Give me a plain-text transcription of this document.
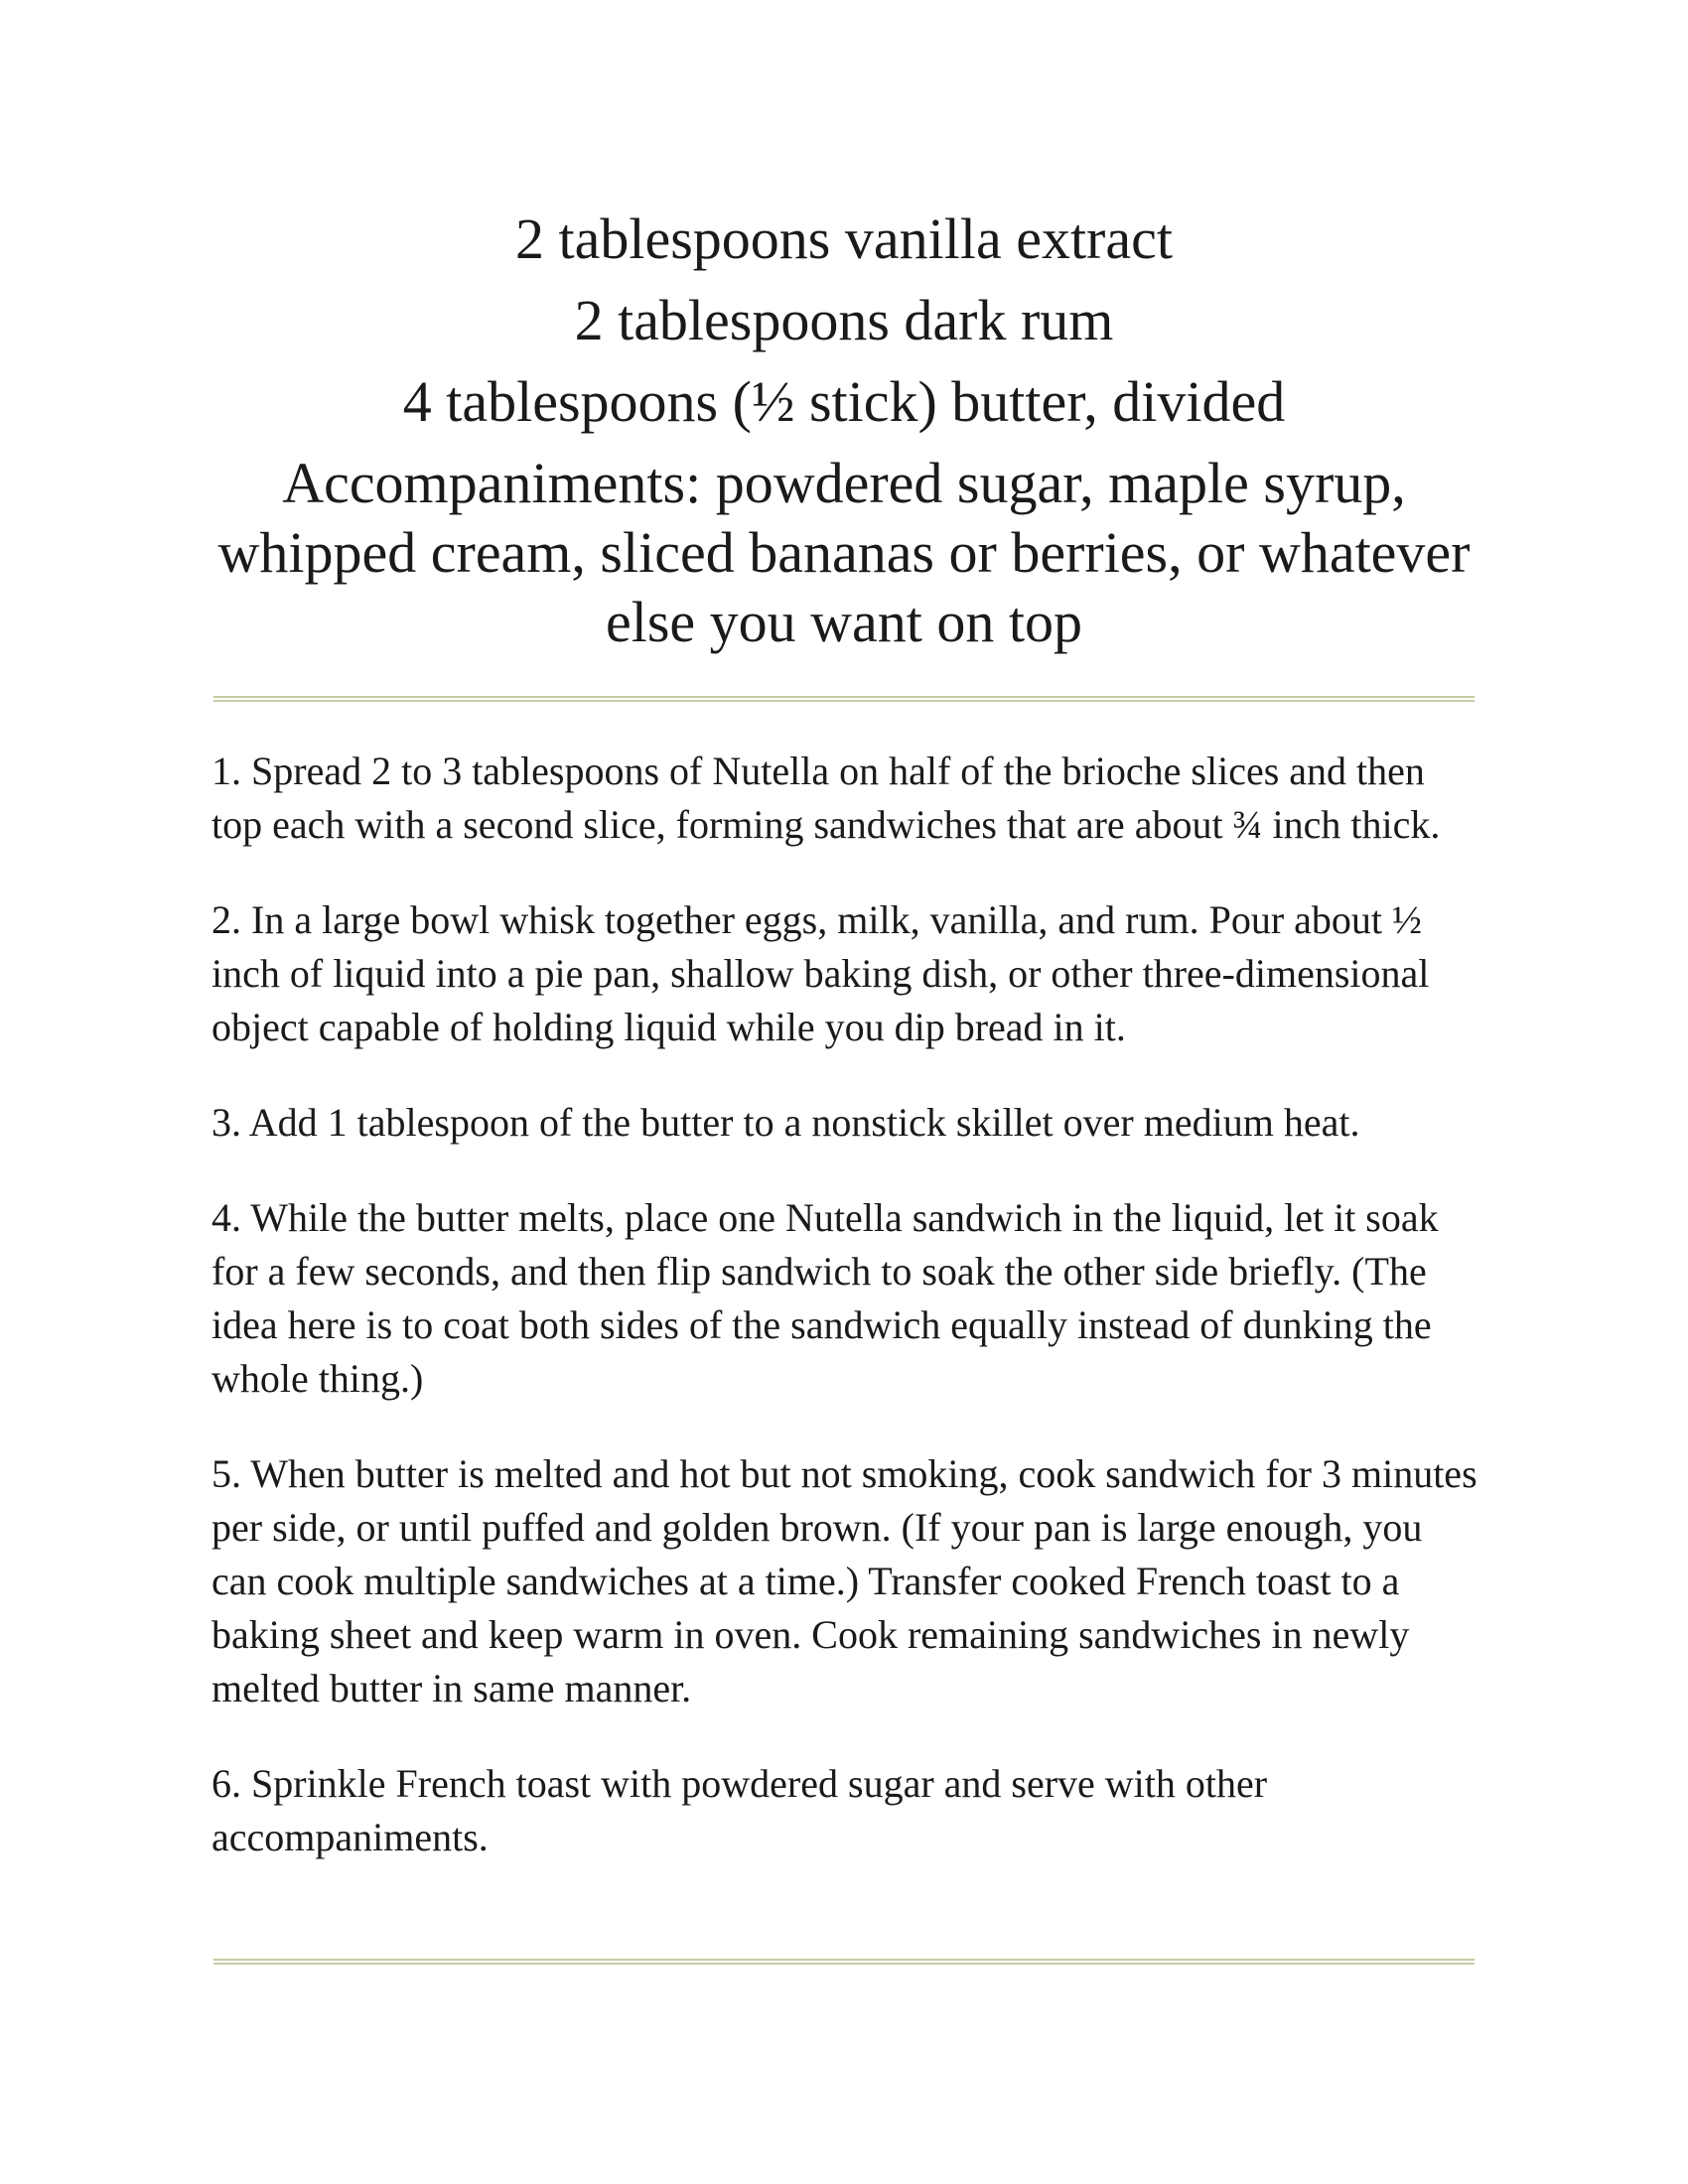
2 tablespoons vanilla extract
2 tablespoons dark rum
4 tablespoons (½ stick) butter, divided
Accompaniments: powdered sugar, maple syrup, whipped cream, sliced bananas or berries, or whatever else you want on top

1. Spread 2 to 3 tablespoons of Nutella on half of the brioche slices and then top each with a second slice, forming sandwiches that are about ¾ inch thick.

2. In a large bowl whisk together eggs, milk, vanilla, and rum. Pour about ½ inch of liquid into a pie pan, shallow baking dish, or other three-dimensional object capable of holding liquid while you dip bread in it.

3. Add 1 tablespoon of the butter to a nonstick skillet over medium heat.

4. While the butter melts, place one Nutella sandwich in the liquid, let it soak for a few seconds, and then flip sandwich to soak the other side briefly. (The idea here is to coat both sides of the sandwich equally instead of dunking the whole thing.)

5. When butter is melted and hot but not smoking, cook sandwich for 3 minutes per side, or until puffed and golden brown. (If your pan is large enough, you can cook multiple sandwiches at a time.) Transfer cooked French toast to a baking sheet and keep warm in oven. Cook remaining sandwiches in newly melted butter in same manner.

6. Sprinkle French toast with powdered sugar and serve with other accompaniments.
